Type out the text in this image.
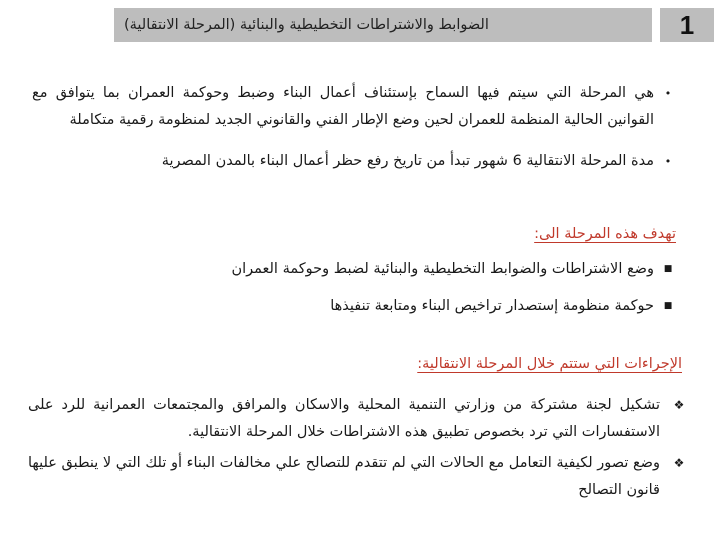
1
الضوابط والاشتراطات التخطيطية والبنائية (المرحلة الانتقالية)
•
هي المرحلة التي سيتم فيها السماح بإستئناف أعمال البناء وضبط وحوكمة العمران بما يتوافق مع القوانين الحالية المنظمة للعمران لحين وضع الإطار الفني والقانوني الجديد لمنظومة رقمية متكاملة
•
مدة المرحلة الانتقالية 6 شهور تبدأ من تاريخ رفع حظر أعمال البناء بالمدن المصرية
تهدف هذه المرحلة الى:
■
وضع الاشتراطات والضوابط التخطيطية والبنائية لضبط وحوكمة العمران
■
حوكمة منظومة إستصدار تراخيص البناء ومتابعة تنفيذها
الإجراءات التي ستتم خلال المرحلة الانتقالية:
❖
تشكيل لجنة مشتركة من وزارتي التنمية المحلية والاسكان والمرافق والمجتمعات العمرانية للرد على الاستفسارات التي ترد بخصوص تطبيق هذه الاشتراطات خلال المرحلة الانتقالية.
❖
وضع تصور لكيفية التعامل مع الحالات التي لم تتقدم للتصالح علي مخالفات البناء أو تلك التي لا ينطبق عليها قانون التصالح
